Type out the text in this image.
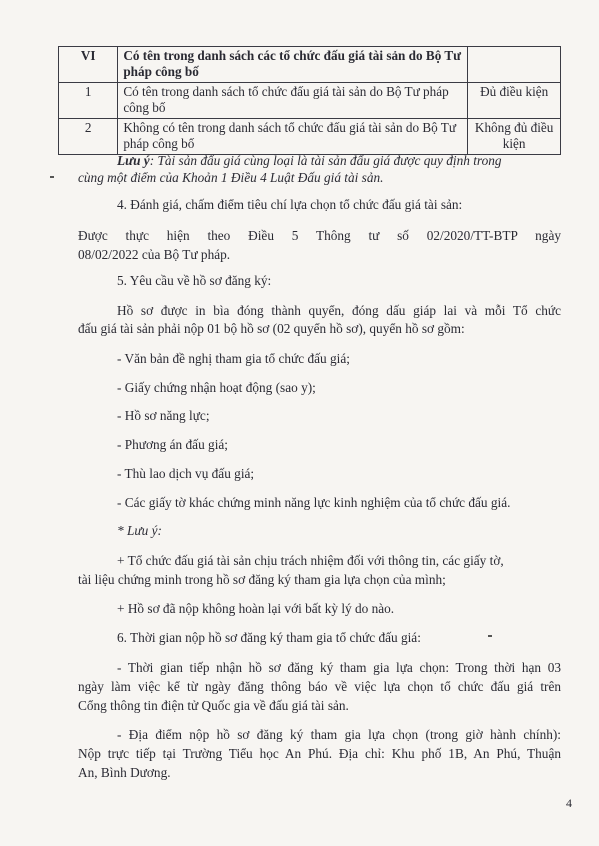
VI	Có tên trong danh sách các tổ chức đấu giá tài sản do Bộ Tư pháp công bố	
1	Có tên trong danh sách tổ chức đấu giá tài sản do Bộ Tư pháp công bố	Đủ điều kiện
2	Không có tên trong danh sách tổ chức đấu giá tài sản do Bộ Tư pháp công bố	Không đủ điều kiện
Lưu ý: Tài sản đấu giá cùng loại là tài sản đấu giá được quy định trong
cùng một điểm của Khoản 1 Điều 4 Luật Đấu giá tài sản.
4. Đánh giá, chấm điểm tiêu chí lựa chọn tổ chức đấu giá tài sản:
Được thực hiện theo Điều 5 Thông tư số 02/2020/TT-BTP ngày
08/02/2022 của Bộ Tư pháp.
5. Yêu cầu về hồ sơ đăng ký:
Hồ sơ được in bìa đóng thành quyển, đóng dấu giáp lai và mỗi Tổ chức
đấu giá tài sản phải nộp 01 bộ hồ sơ (02 quyển hồ sơ), quyển hồ sơ gồm:
- Văn bản đề nghị tham gia tổ chức đấu giá;
- Giấy chứng nhận hoạt động (sao y);
- Hồ sơ năng lực;
- Phương án đấu giá;
- Thù lao dịch vụ đấu giá;
- Các giấy tờ khác chứng minh năng lực kinh nghiệm của tổ chức đấu giá.
* Lưu ý:
+ Tổ chức đấu giá tài sản chịu trách nhiệm đối với thông tin, các giấy tờ,
tài liệu chứng minh trong hồ sơ đăng ký tham gia lựa chọn của mình;
+ Hồ sơ đã nộp không hoàn lại với bất kỳ lý do nào.
6. Thời gian nộp hồ sơ đăng ký tham gia tổ chức đấu giá:
- Thời gian tiếp nhận hồ sơ đăng ký tham gia lựa chọn: Trong thời hạn 03
ngày làm việc kể từ ngày đăng thông báo về việc lựa chọn tổ chức đấu giá trên
Cổng thông tin điện tử Quốc gia về đấu giá tài sản.
- Địa điểm nộp hồ sơ đăng ký tham gia lựa chọn (trong giờ hành chính):
Nộp trực tiếp tại Trường Tiểu học An Phú. Địa chỉ: Khu phố 1B, An Phú, Thuận
An, Bình Dương.
4
